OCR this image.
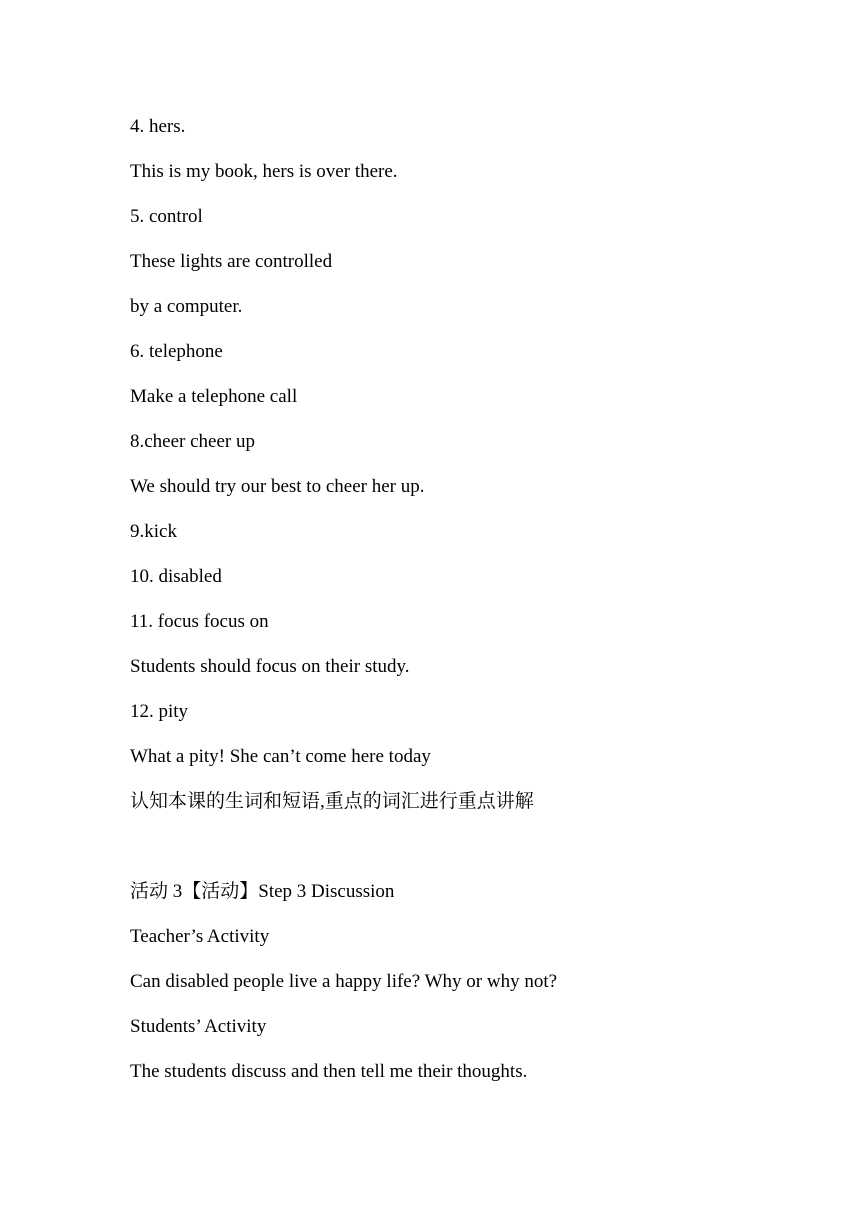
4. hers.

This is my book, hers is over there.

5. control

These lights are controlled

by a computer.

6. telephone

Make a telephone call

8.cheer cheer up

We should try our best to cheer her up.

9.kick

10. disabled

11. focus focus on

Students should focus on their study.

12. pity

What a pity! She can’t come here today

认知本课的生词和短语,重点的词汇进行重点讲解

活动 3【活动】Step 3 Discussion

Teacher’s Activity

Can disabled people live a happy life? Why or why not?

Students’ Activity

The students discuss and then tell me their thoughts.
